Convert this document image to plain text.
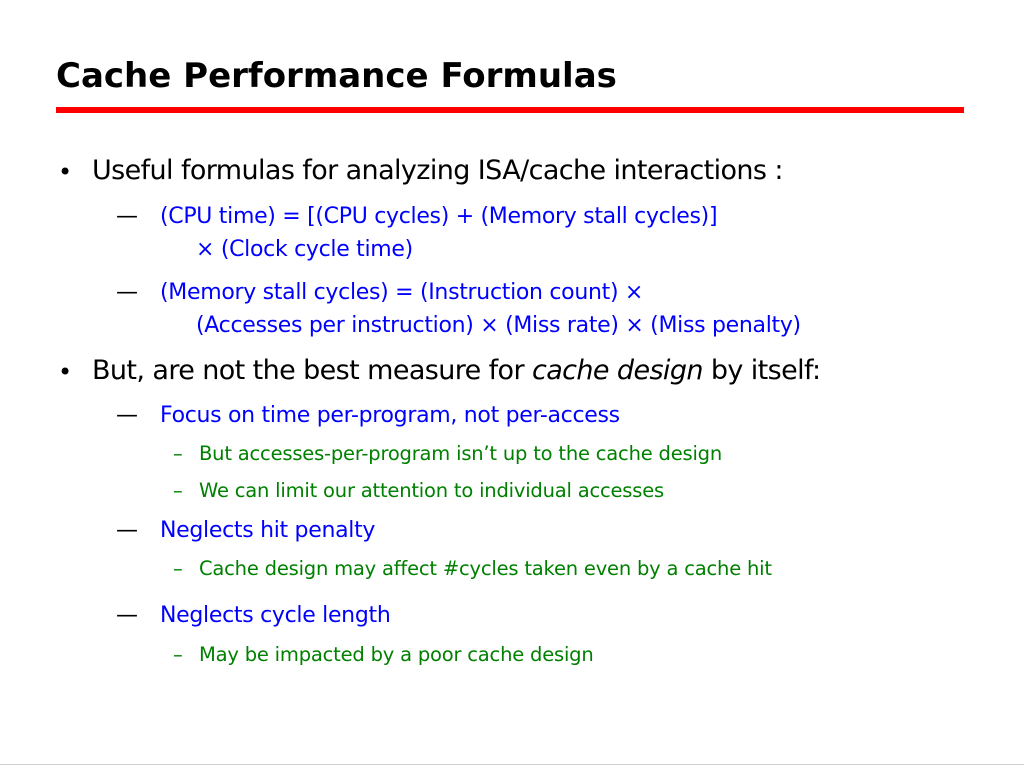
Cache Performance Formulas
• Useful formulas for analyzing ISA/cache interactions :
— (CPU time) = [(CPU cycles) + (Memory stall cycles)]
× (Clock cycle time)
— (Memory stall cycles) = (Instruction count) ×
(Accesses per instruction) × (Miss rate) × (Miss penalty)
• But, are not the best measure for cache design by itself:
— Focus on time per-program, not per-access
– But accesses-per-program isn’t up to the cache design
– We can limit our attention to individual accesses
— Neglects hit penalty
– Cache design may affect #cycles taken even by a cache hit
— Neglects cycle length
– May be impacted by a poor cache design
